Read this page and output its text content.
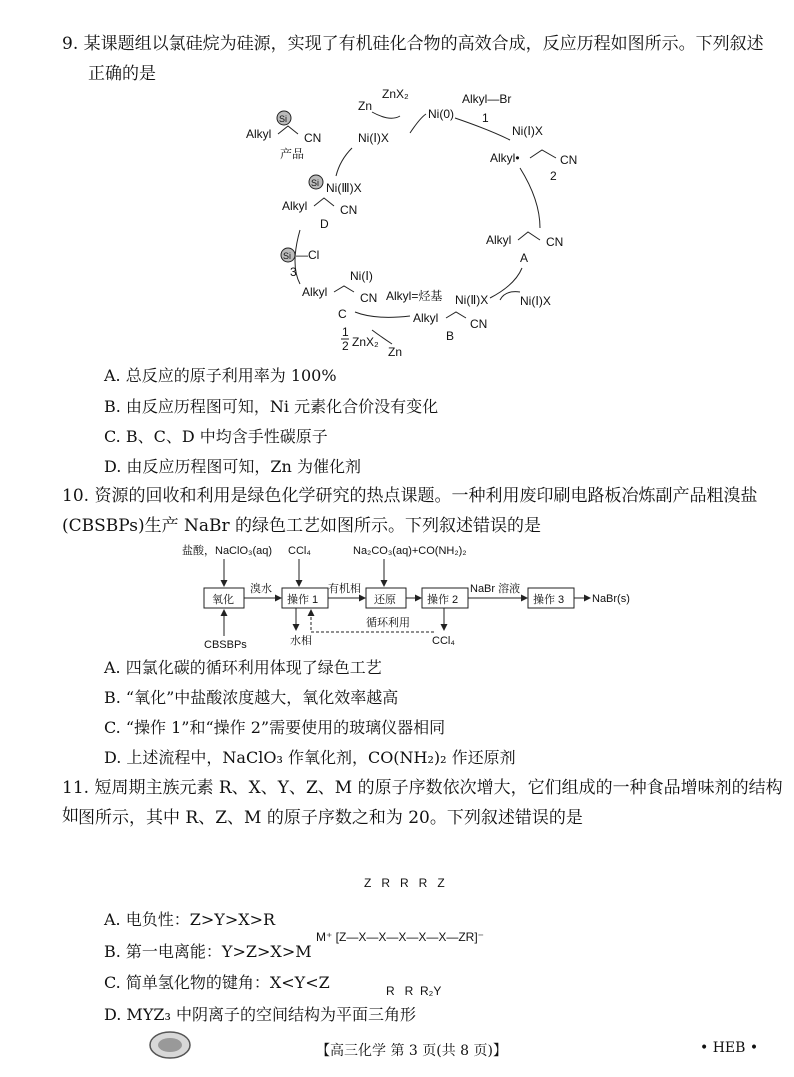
9. 某课题组以氯硅烷为硅源，实现了有机硅化合物的高效合成，反应历程如图所示。下列叙述
正确的是
Zn
ZnX₂
Ni(0)
Ni(Ⅰ)X
Alkyl—Br
1
Ni(Ⅰ)X
Alkyl•	CN
2
Alkyl	CN
A
Ni(Ⅱ)X	Ni(Ⅰ)X
Alkyl	CN
B
Alkyl=烃基
1
2 ZnX₂
Zn
Ni(Ⅰ)
Alkyl	CN
C
Si —Cl
3
Si Ni(Ⅲ)X
Alkyl	CN
D
Si
Alkyl	CN
产品
A. 总反应的原子利用率为 100%
B. 由反应历程图可知，Ni 元素化合价没有变化
C. B、C、D 中均含手性碳原子
D. 由反应历程图可知，Zn 为催化剂
10. 资源的回收和利用是绿色化学研究的热点课题。一种利用废印刷电路板冶炼副产品粗溴盐
(CBSBPs)生产 NaBr 的绿色工艺如图所示。下列叙述错误的是
盐酸，NaClO₃(aq) CCl₄	Na₂CO₃(aq)+CO(NH₂)₂
氧化	操作 1	还原	操作 2	操作 3
溴水	有机相	NaBr 溶液
NaBr(s)
CBSBPs	水相
循环利用
CCl₄
A. 四氯化碳的循环利用体现了绿色工艺
B. “氧化”中盐酸浓度越大，氧化效率越高
C. “操作 1”和“操作 2”需要使用的玻璃仪器相同
D. 上述流程中，NaClO₃ 作氧化剂，CO(NH₂)₂ 作还原剂
11. 短周期主族元素 R、X、Y、Z、M 的原子序数依次增大，它们组成的一种食品增味剂的结构如 图所示，其中 R、Z、M 的原子序数之和为 20。下列叙述错误的是

Z   R   R   R   Z

M⁺ [Z—X—X—X—X—X—ZR]⁻

R   R  R₂Y

A. 电负性：Z>Y>X>R
B. 第一电离能：Y>Z>X>M
C. 简单氢化物的键角：X<Y<Z
D. MYZ₃ 中阴离子的空间结构为平面三角形
【高三化学 第 3 页(共 8 页)】	• HEB •
